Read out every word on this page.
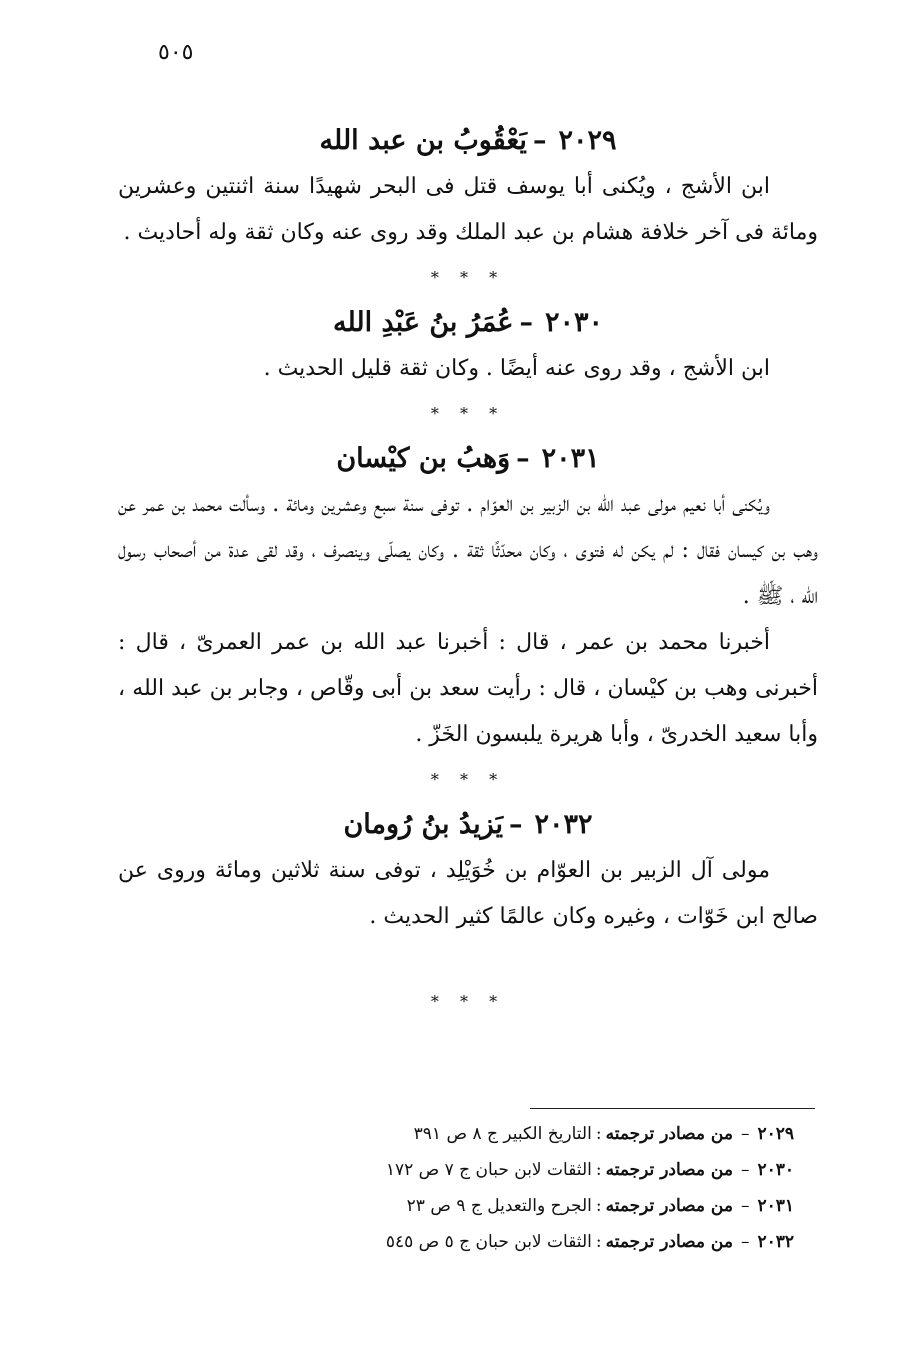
٥٠٥
٢٠٢٩–يَعْقُوبُ بن عبد الله

ابن الأشج ، ويُكنى أبا يوسف قتل فى البحر شهيدًا سنة اثنتين وعشرين ومائة فى آخر خلافة هشام بن عبد الملك وقد روى عنه وكان ثقة وله أحاديث .

* * *

٢٠٣٠–عُمَرُ بنُ عَبْدِ الله

ابن الأشج ، وقد روى عنه أيضًا . وكان ثقة قليل الحديث .

* * *

٢٠٣١–وَهبُ بن كيْسان

ويُكنى أبا نعيم مولى عبد الله بن الزبير بن العوّام . توفى سنة سبع وعشرين ومائة . وسألت محمد بن عمر عن وهب بن كيسان فقال : لم يكن له فتوى ، وكان محدّثًا ثقة . وكان يصلّى وينصرف ، وقد لقى عدة من أصحاب رسول الله ، ﷺ .

أخبرنا محمد بن عمر ، قال : أخبرنا عبد الله بن عمر العمرىّ ، قال : أخبرنى وهب بن كيْسان ، قال : رأيت سعد بن أبى وقّاص ، وجابر بن عبد الله ، وأبا سعيد الخدرىّ ، وأبا هريرة يلبسون الخَزّ .

* * *

٢٠٣٢–يَزيدُ بنُ رُومان

مولى آل الزبير بن العوّام بن خُوَيْلِد ، توفى سنة ثلاثين ومائة وروى عن صالح ابن خَوّات ، وغيره وكان عالمًا كثير الحديث .

* * *

٢٠٢٩–من مصادر ترجمته:التاريخ الكبير ج ٨ ص ٣٩١
٢٠٣٠–من مصادر ترجمته:الثقات لابن حبان ج ٧ ص ١٧٢
٢٠٣١–من مصادر ترجمته:الجرح والتعديل ج ٩ ص ٢٣
٢٠٣٢–من مصادر ترجمته:الثقات لابن حبان ج ٥ ص ٥٤٥
